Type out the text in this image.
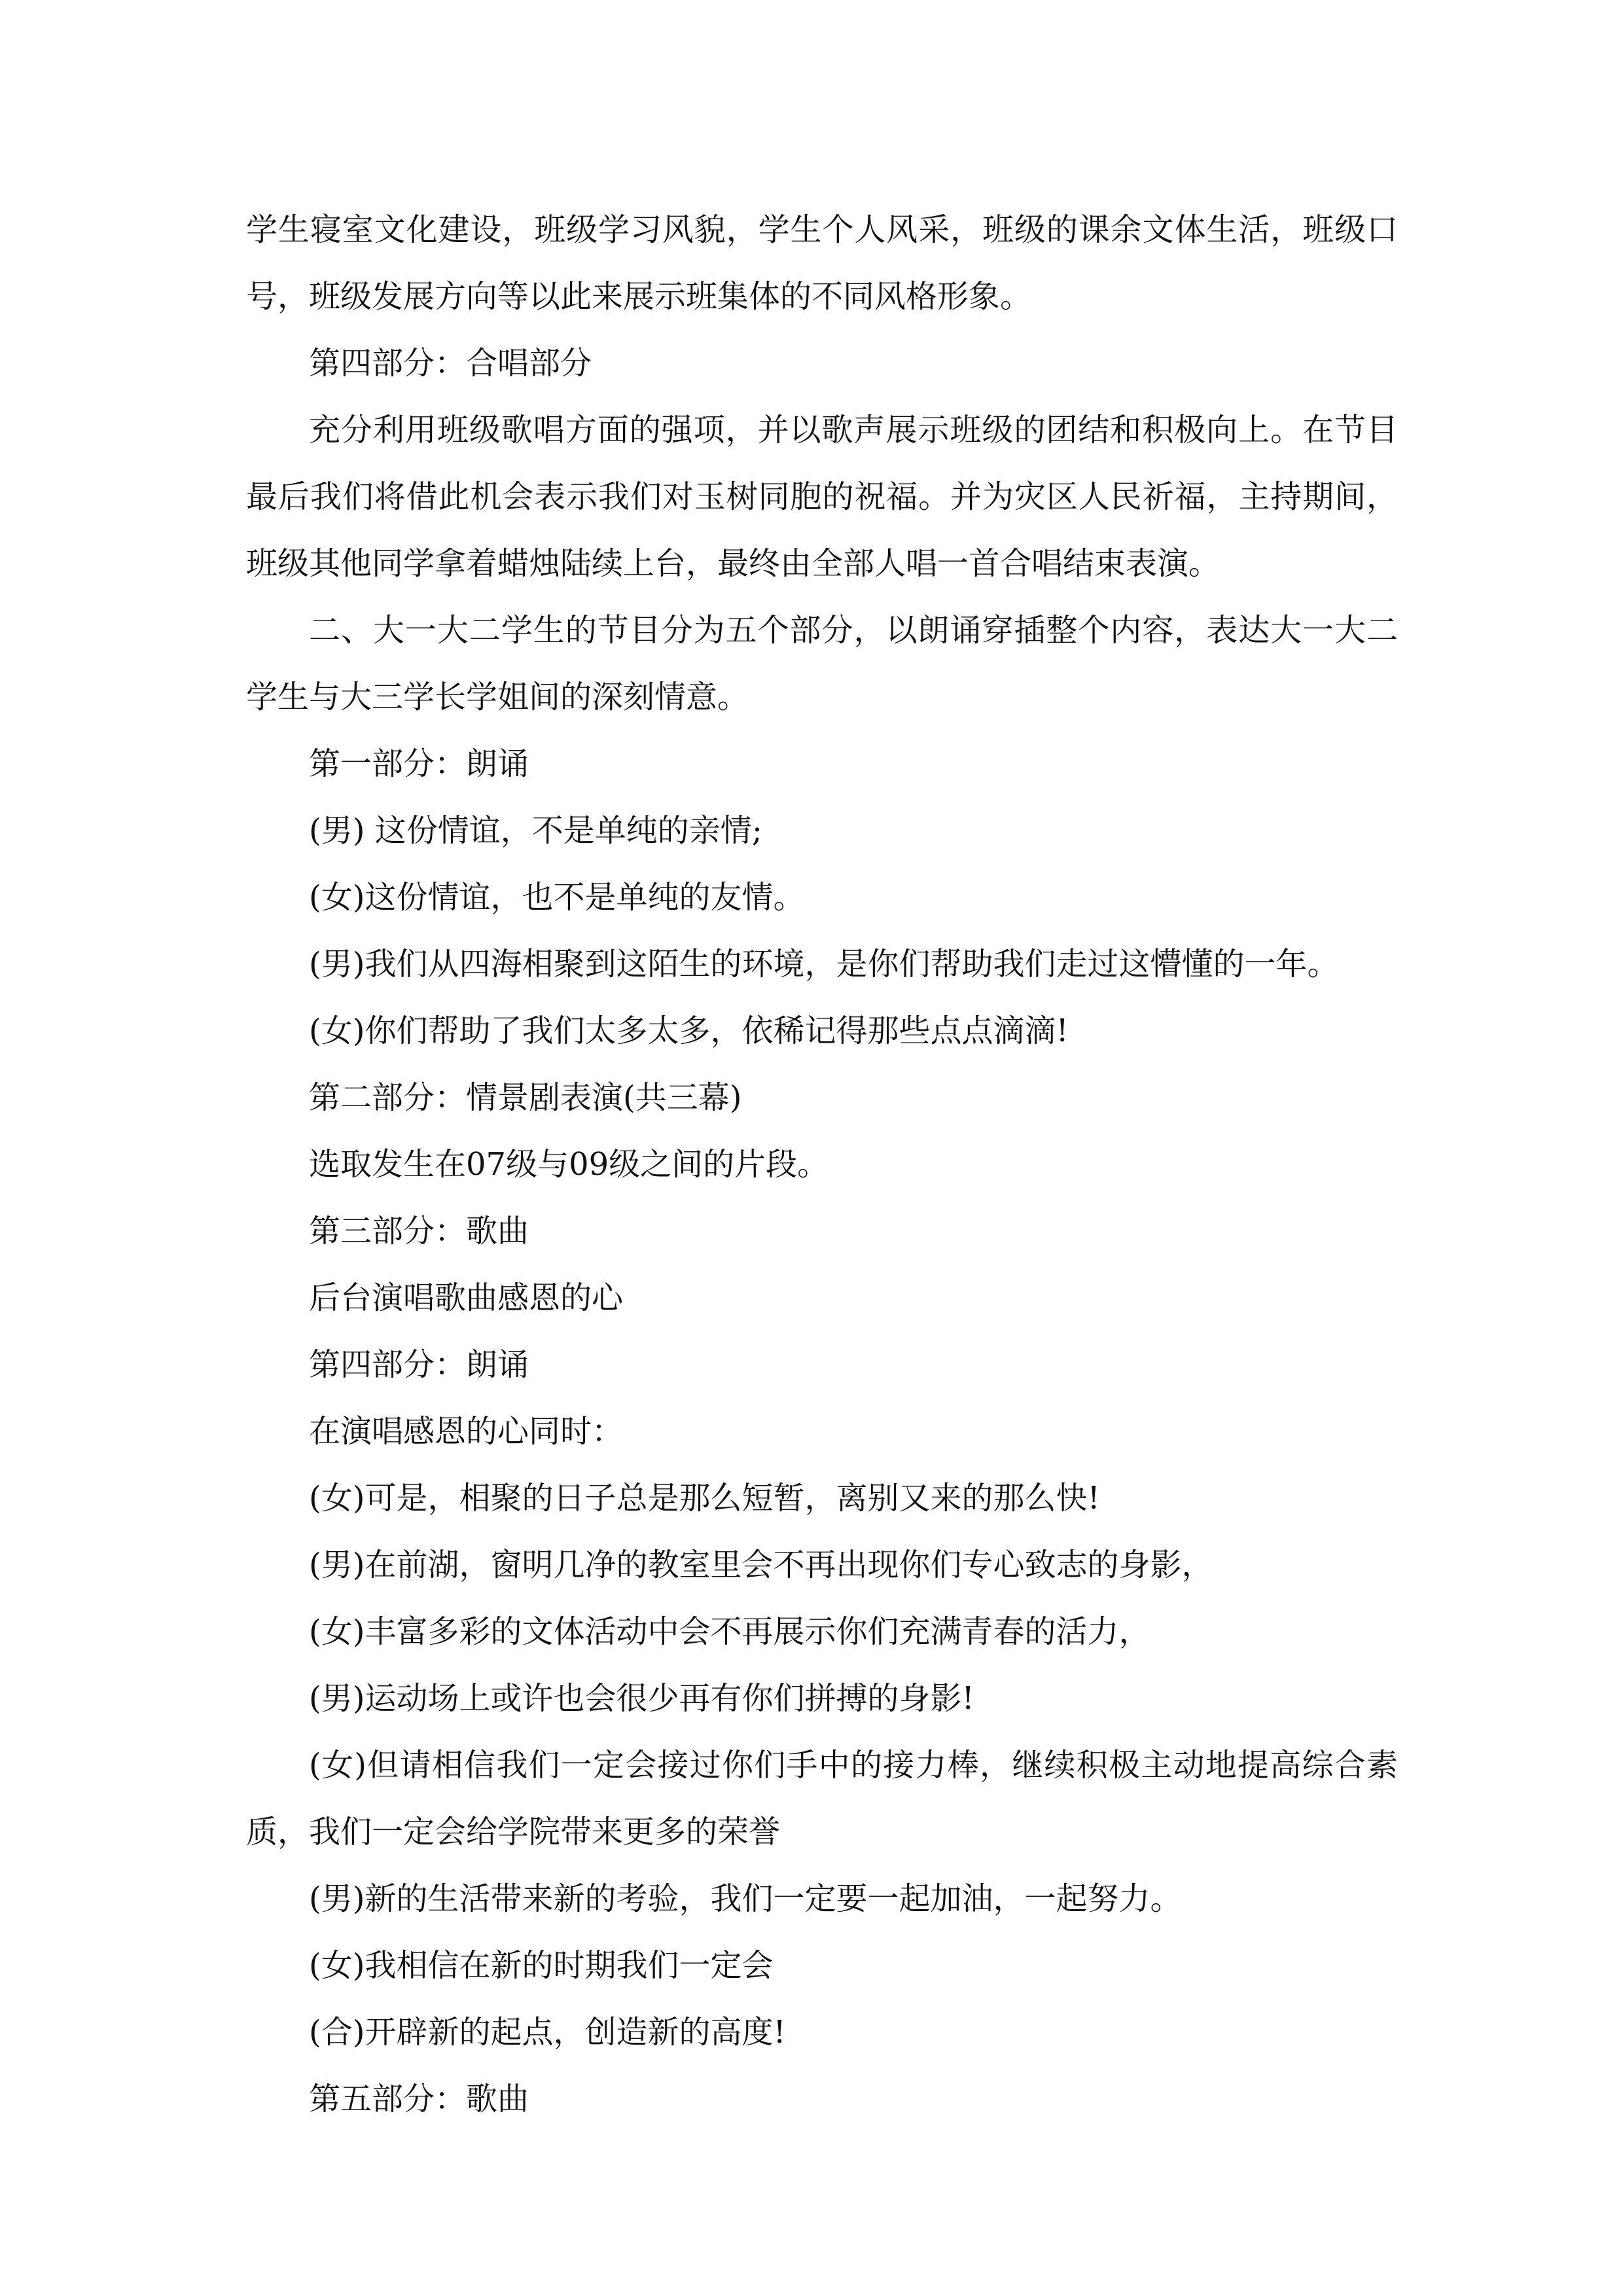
学生寝室文化建设，班级学习风貌，学生个人风采，班级的课余文体生活，班级口号，班级发展方向等以此来展示班集体的不同风格形象。

第四部分：合唱部分

充分利用班级歌唱方面的强项，并以歌声展示班级的团结和积极向上。在节目最后我们将借此机会表示我们对玉树同胞的祝福。并为灾区人民祈福，主持期间，班级其他同学拿着蜡烛陆续上台，最终由全部人唱一首合唱结束表演。

二、大一大二学生的节目分为五个部分，以朗诵穿插整个内容，表达大一大二学生与大三学长学姐间的深刻情意。

第一部分：朗诵

(男) 这份情谊，不是单纯的亲情;

(女)这份情谊，也不是单纯的友情。

(男)我们从四海相聚到这陌生的环境，是你们帮助我们走过这懵懂的一年。

(女)你们帮助了我们太多太多，依稀记得那些点点滴滴!

第二部分：情景剧表演(共三幕)

选取发生在07级与09级之间的片段。

第三部分：歌曲

后台演唱歌曲感恩的心

第四部分：朗诵

在演唱感恩的心同时：

(女)可是，相聚的日子总是那么短暂，离别又来的那么快!

(男)在前湖，窗明几净的教室里会不再出现你们专心致志的身影，

(女)丰富多彩的文体活动中会不再展示你们充满青春的活力，

(男)运动场上或许也会很少再有你们拼搏的身影!

(女)但请相信我们一定会接过你们手中的接力棒，继续积极主动地提高综合素质，我们一定会给学院带来更多的荣誉

(男)新的生活带来新的考验，我们一定要一起加油，一起努力。

(女)我相信在新的时期我们一定会

(合)开辟新的起点，创造新的高度!

第五部分：歌曲
